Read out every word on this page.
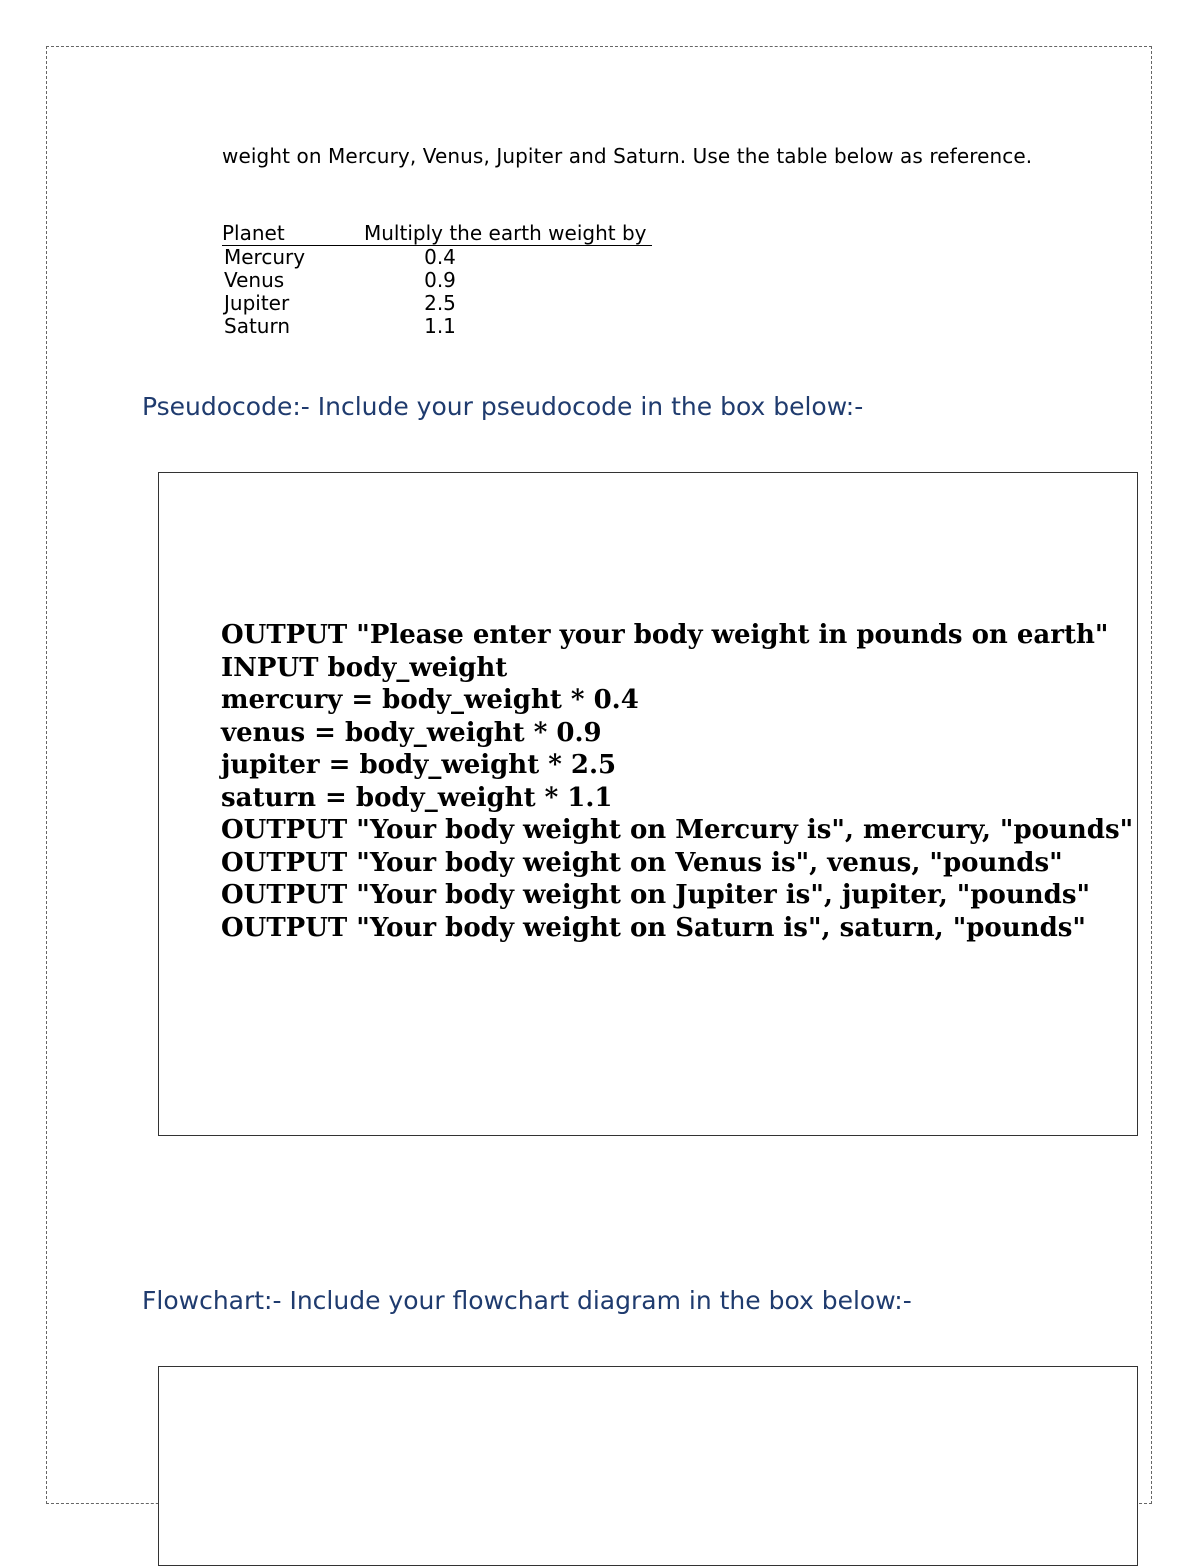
weight on Mercury, Venus, Jupiter and Saturn. Use the table below as reference.
Planet	Multiply the earth weight by
Mercury	0.4
Venus	0.9
Jupiter	2.5
Saturn	1.1
Pseudocode:- Include your pseudocode in the box below:-
OUTPUT "Please enter your body weight in pounds on earth"
INPUT body_weight
mercury = body_weight * 0.4
venus = body_weight * 0.9
jupiter = body_weight * 2.5
saturn = body_weight * 1.1
OUTPUT "Your body weight on Mercury is", mercury, "pounds"
OUTPUT "Your body weight on Venus is", venus, "pounds"
OUTPUT "Your body weight on Jupiter is", jupiter, "pounds"
OUTPUT "Your body weight on Saturn is", saturn, "pounds"
Flowchart:- Include your flowchart diagram in the box below:-
